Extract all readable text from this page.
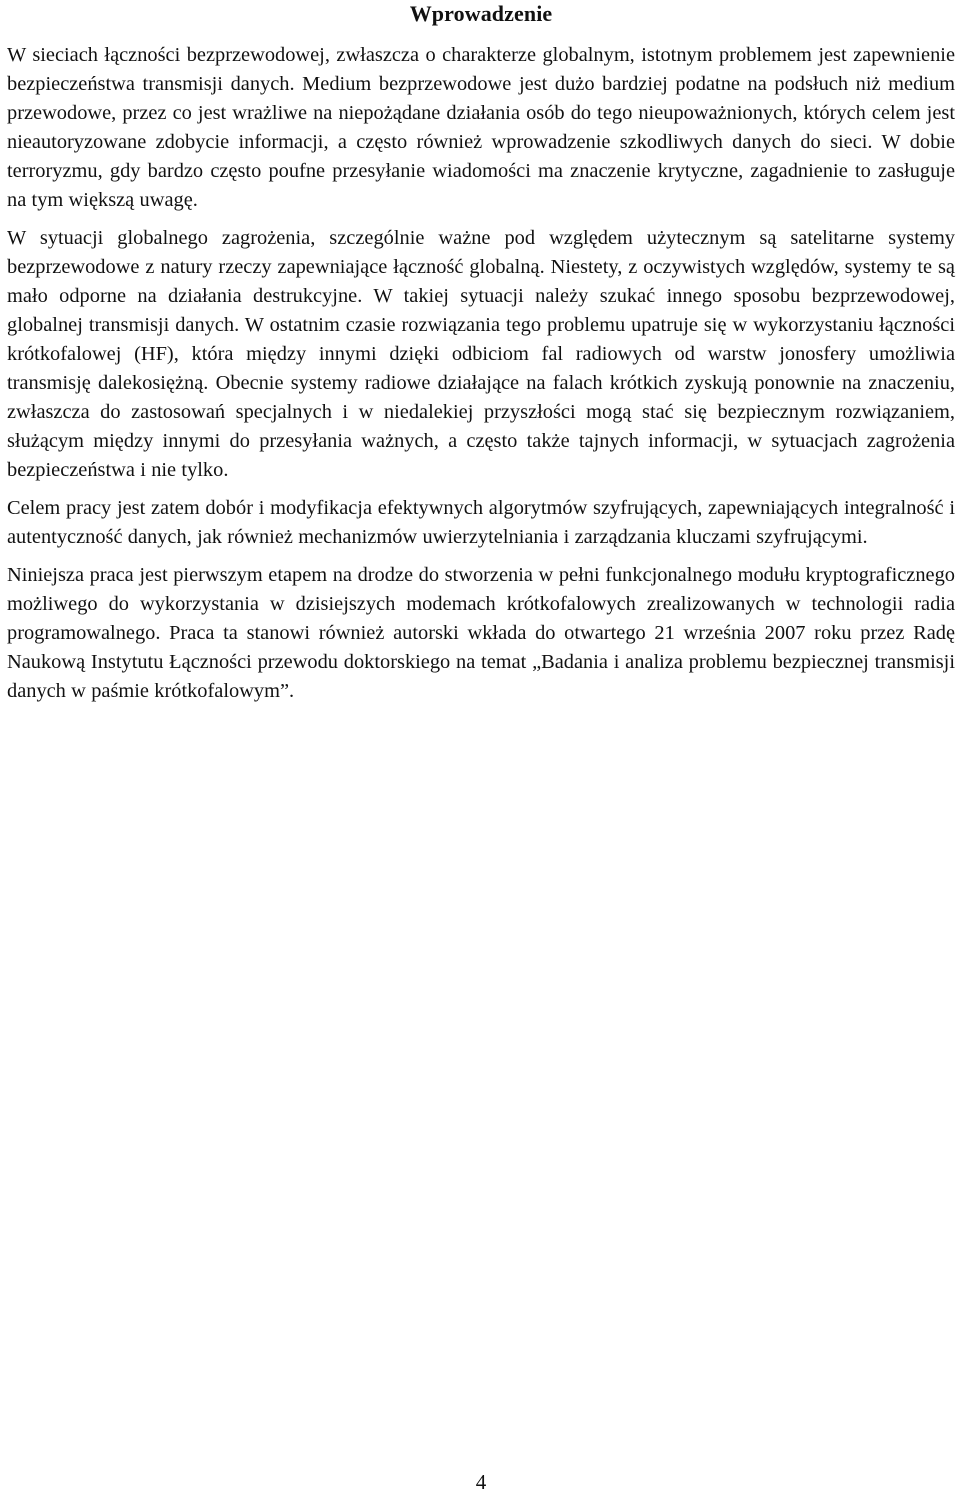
Wprowadzenie

W sieciach łączności bezprzewodowej, zwłaszcza o charakterze globalnym, istotnym problemem jest zapewnienie bezpieczeństwa transmisji danych. Medium bezprzewodowe jest dużo bardziej podatne na podsłuch niż medium przewodowe, przez co jest wrażliwe na niepożądane działania osób do tego nieupoważnionych, których celem jest nieautoryzowane zdobycie informacji, a często również wprowadzenie szkodliwych danych do sieci. W dobie terroryzmu, gdy bardzo często poufne przesyłanie wiadomości ma znaczenie krytyczne, zagadnienie to zasługuje na tym większą uwagę.

W sytuacji globalnego zagrożenia, szczególnie ważne pod względem użytecznym są satelitarne systemy bezprzewodowe z natury rzeczy zapewniające łączność globalną. Niestety, z oczywistych względów, systemy te są mało odporne na działania destrukcyjne. W takiej sytuacji należy szukać innego sposobu bezprzewodowej, globalnej transmisji danych. W ostatnim czasie rozwiązania tego problemu upatruje się w wykorzystaniu łączności krótkofalowej (HF), która między innymi dzięki odbiciom fal radiowych od warstw jonosfery umożliwia transmisję dalekosiężną. Obecnie systemy radiowe działające na falach krótkich zyskują ponownie na znaczeniu, zwłaszcza do zastosowań specjalnych i w niedalekiej przyszłości mogą stać się bezpiecznym rozwiązaniem, służącym między innymi do przesyłania ważnych, a często także tajnych informacji, w sytuacjach zagrożenia bezpieczeństwa i nie tylko.

Celem pracy jest zatem dobór i modyfikacja efektywnych algorytmów szyfrujących, zapewniających integralność i autentyczność danych, jak również mechanizmów uwierzytelniania i zarządzania kluczami szyfrującymi.

Niniejsza praca jest pierwszym etapem na drodze do stworzenia w pełni funkcjonalnego modułu kryptograficznego możliwego do wykorzystania w dzisiejszych modemach krótkofalowych zrealizowanych w technologii radia programowalnego. Praca ta stanowi również autorski wkłada do otwartego 21 września 2007 roku przez Radę Naukową Instytutu Łączności przewodu doktorskiego na temat „Badania i analiza problemu bezpiecznej transmisji danych w paśmie krótkofalowym”.

4
